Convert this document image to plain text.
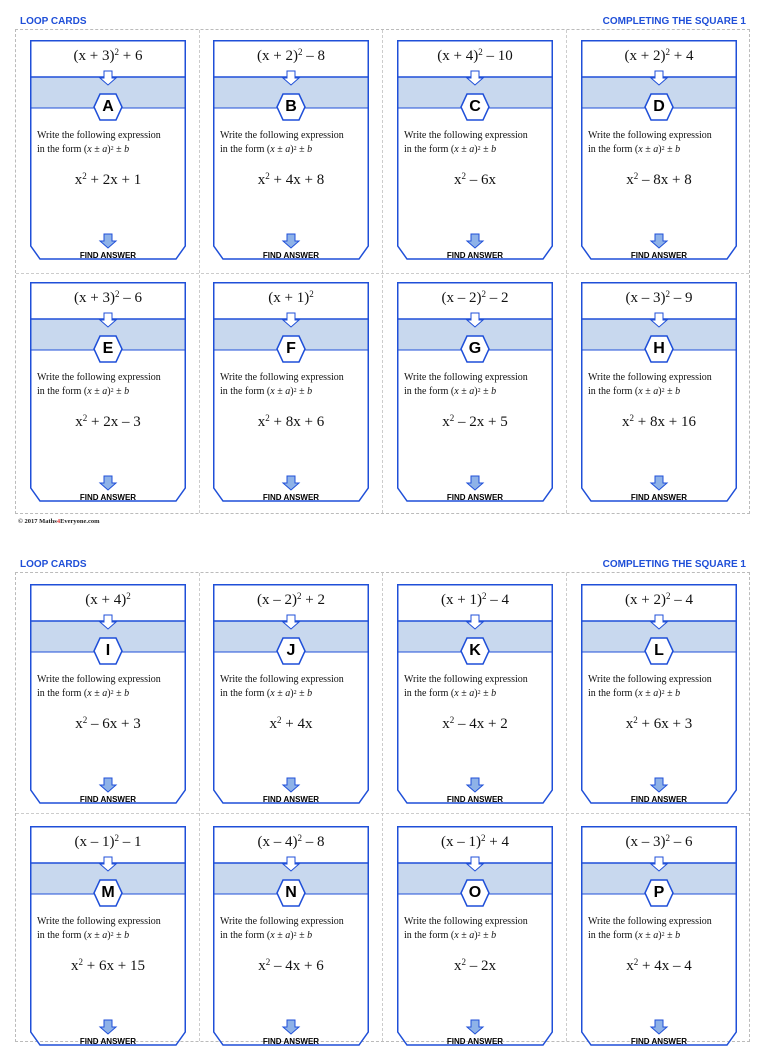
LOOP CARDS	COMPLETING THE SQUARE 1
© 2017 Maths4Everyone.com
LOOP CARDS	COMPLETING THE SQUARE 1
$(x + 3)^2 + 6$
A
Write the following expression
in the form $(x \pm a)^2 \pm b$
$x^2 + 2x + 1$
FIND ANSWER
$(x + 2)^2 - 8$
B
Write the following expression
in the form $(x \pm a)^2 \pm b$
$x^2 + 4x + 8$
FIND ANSWER
$(x + 4)^2 - 10$
C
Write the following expression
in the form $(x \pm a)^2 \pm b$
$x^2 - 6x$
FIND ANSWER
$(x + 2)^2 + 4$
D
Write the following expression
in the form $(x \pm a)^2 \pm b$
$x^2 - 8x + 8$
FIND ANSWER
$(x + 3)^2 - 6$
E
Write the following expression
in the form $(x \pm a)^2 \pm b$
$x^2 + 2x - 3$
FIND ANSWER
$(x + 1)^2$
F
Write the following expression
in the form $(x \pm a)^2 \pm b$
$x^2 + 8x + 6$
FIND ANSWER
(x – 2)$^2$ – 2
G
Write the following expression
in the form $(x \pm a)^2 \pm b$
$x^2 - 2x + 5$
FIND ANSWER
(x – 3)$^2$ – 9
H
Write the following expression
in the form $(x \pm a)^2 \pm b$
$x^2 + 8x + 16$
FIND ANSWER
$(x + 4)^2$
I
Write the following expression
in the form $(x \pm a)^2 \pm b$
$x^2 - 6x + 3$
FIND ANSWER
(x – 2)$^2$ + 2
J
Write the following expression
in the form $(x \pm a)^2 \pm b$
$x^2 + 4x$
FIND ANSWER
$(x + 1)^2 - 4$
K
Write the following expression
in the form $(x \pm a)^2 \pm b$
$x^2 - 4x + 2$
FIND ANSWER
$(x + 2)^2 - 4$
L
Write the following expression
in the form $(x \pm a)^2 \pm b$
$x^2 + 6x + 3$
FIND ANSWER
(x – 1)$^2$ – 1
M
Write the following expression
in the form $(x \pm a)^2 \pm b$
$x^2 + 6x + 15$
FIND ANSWER
(x – 4)$^2$ – 8
N
Write the following expression
in the form $(x \pm a)^2 \pm b$
$x^2 - 4x + 6$
FIND ANSWER
(x – 1)$^2$ + 4
O
Write the following expression
in the form $(x \pm a)^2 \pm b$
$x^2 - 2x$
FIND ANSWER
(x – 3)$^2$ – 6
P
Write the following expression
in the form $(x \pm a)^2 \pm b$
$x^2 + 4x - 4$
FIND ANSWER
